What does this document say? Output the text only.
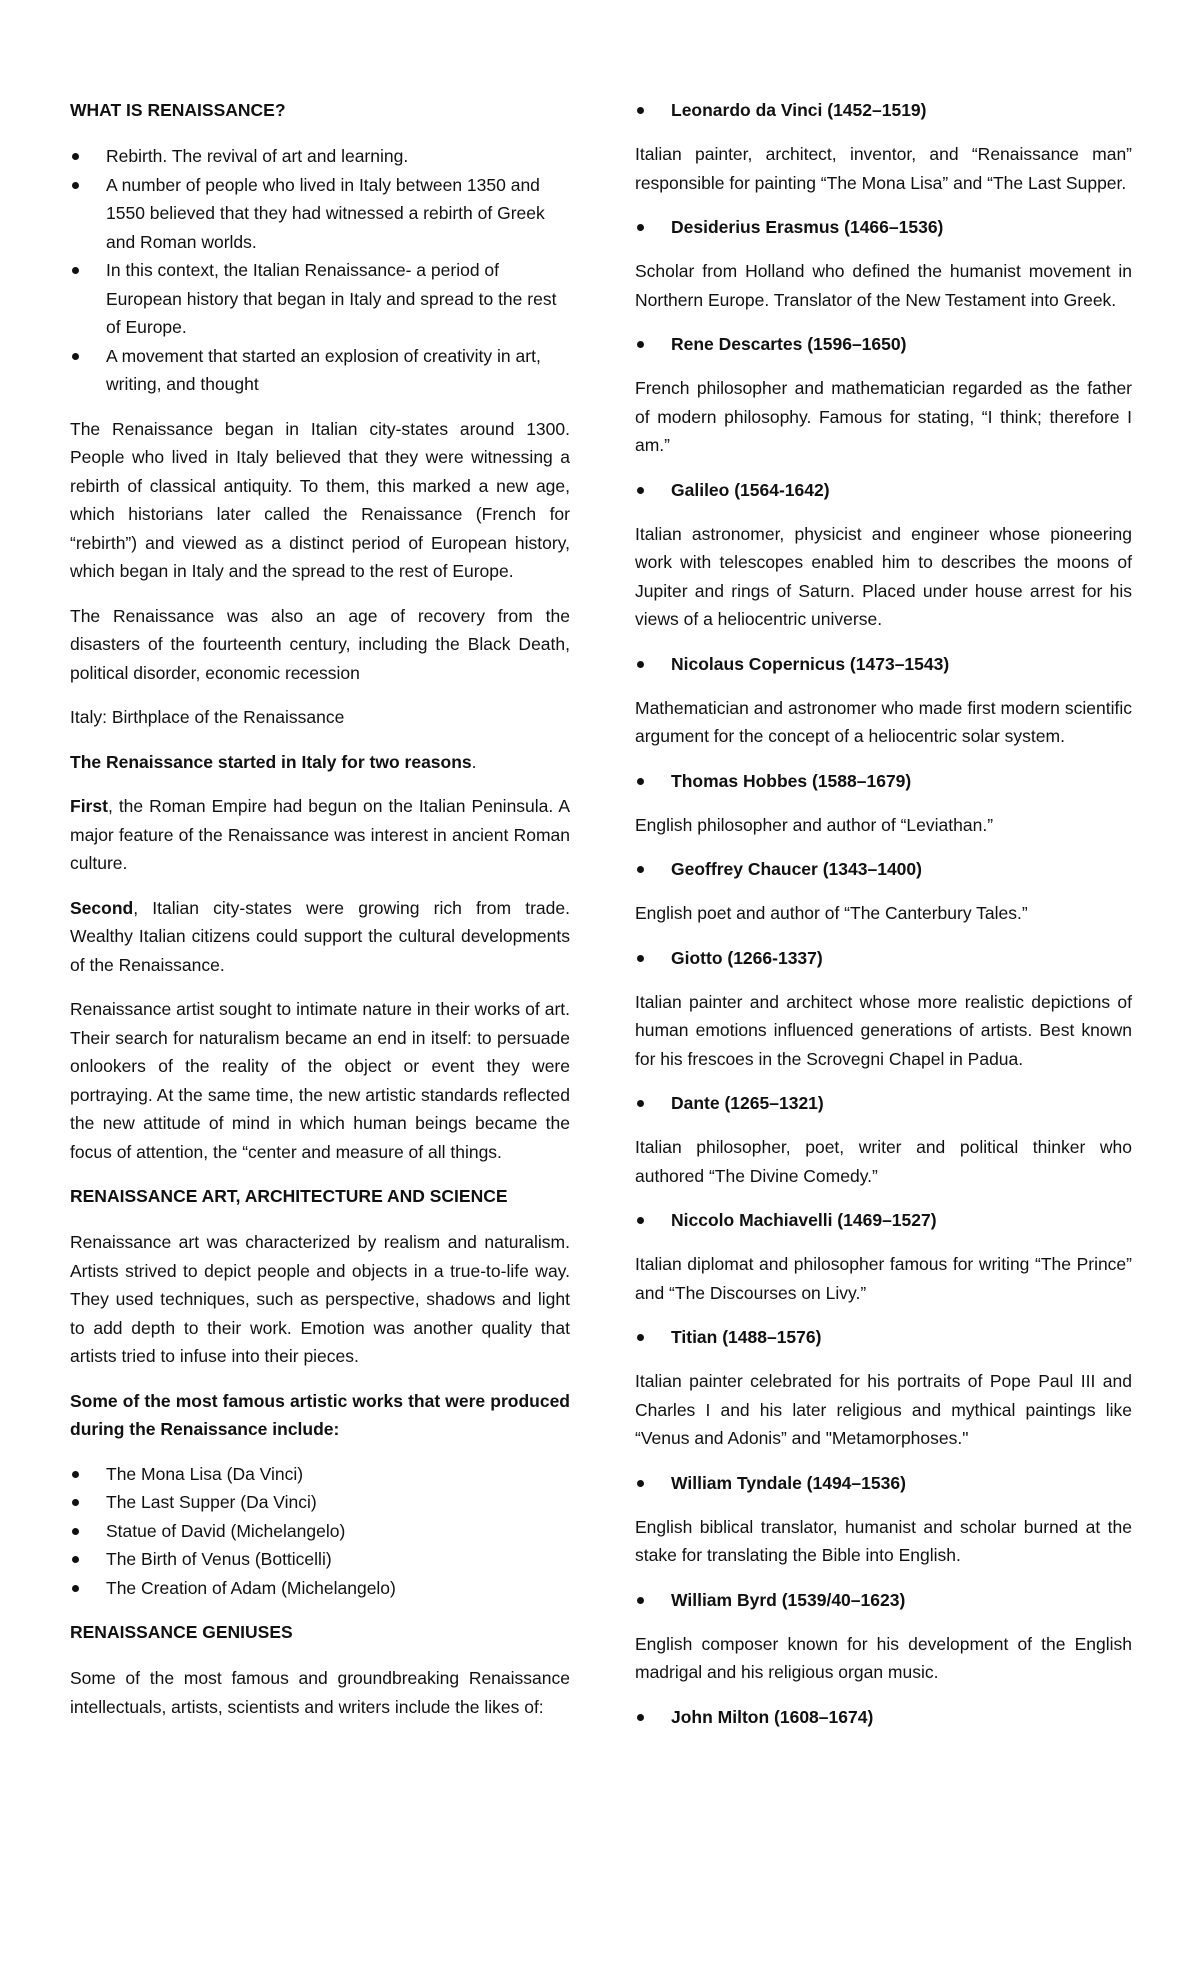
WHAT IS RENAISSANCE?
Rebirth. The revival of art and learning.
A number of people who lived in Italy between 1350 and 1550 believed that they had witnessed a rebirth of Greek and Roman worlds.
In this context, the Italian Renaissance- a period of European history that began in Italy and spread to the rest of Europe.
A movement that started an explosion of creativity in art, writing, and thought

The Renaissance began in Italian city-states around 1300. People who lived in Italy believed that they were witnessing a rebirth of classical antiquity. To them, this marked a new age, which historians later called the Renaissance (French for “rebirth”) and viewed as a distinct period of European history, which began in Italy and the spread to the rest of Europe.

The Renaissance was also an age of recovery from the disasters of the fourteenth century, including the Black Death, political disorder, economic recession

Italy: Birthplace of the Renaissance

The Renaissance started in Italy for two reasons.

First, the Roman Empire had begun on the Italian Peninsula. A major feature of the Renaissance was interest in ancient Roman culture.

Second, Italian city-states were growing rich from trade. Wealthy Italian citizens could support the cultural developments of the Renaissance.

Renaissance artist sought to intimate nature in their works of art. Their search for naturalism became an end in itself: to persuade onlookers of the reality of the object or event they were portraying. At the same time, the new artistic standards reflected the new attitude of mind in which human beings became the focus of attention, the “center and measure of all things.

RENAISSANCE ART, ARCHITECTURE AND SCIENCE

Renaissance art was characterized by realism and naturalism. Artists strived to depict people and objects in a true-to-life way. They used techniques, such as perspective, shadows and light to add depth to their work. Emotion was another quality that artists tried to infuse into their pieces.

Some of the most famous artistic works that were produced during the Renaissance include:

The Mona Lisa (Da Vinci)
The Last Supper (Da Vinci)
Statue of David (Michelangelo)
The Birth of Venus (Botticelli)
The Creation of Adam (Michelangelo)
RENAISSANCE GENIUSES

Some of the most famous and groundbreaking Renaissance intellectuals, artists, scientists and writers include the likes of:

Leonardo da Vinci (1452–1519)

Italian painter, architect, inventor, and “Renaissance man” responsible for painting “The Mona Lisa” and “The Last Supper.

Desiderius Erasmus (1466–1536)

Scholar from Holland who defined the humanist movement in Northern Europe. Translator of the New Testament into Greek.

Rene Descartes (1596–1650)

French philosopher and mathematician regarded as the father of modern philosophy. Famous for stating, “I think; therefore I am.”

Galileo (1564-1642)

Italian astronomer, physicist and engineer whose pioneering work with telescopes enabled him to describes the moons of Jupiter and rings of Saturn. Placed under house arrest for his views of a heliocentric universe.

Nicolaus Copernicus (1473–1543)

Mathematician and astronomer who made first modern scientific argument for the concept of a heliocentric solar system.

Thomas Hobbes (1588–1679)

English philosopher and author of “Leviathan.”

Geoffrey Chaucer (1343–1400)

English poet and author of “The Canterbury Tales.”

Giotto (1266-1337)

Italian painter and architect whose more realistic depictions of human emotions influenced generations of artists. Best known for his frescoes in the Scrovegni Chapel in Padua.

Dante (1265–1321)

Italian philosopher, poet, writer and political thinker who authored “The Divine Comedy.”

Niccolo Machiavelli (1469–1527)

Italian diplomat and philosopher famous for writing “The Prince” and “The Discourses on Livy.”

Titian (1488–1576)

Italian painter celebrated for his portraits of Pope Paul III and Charles I and his later religious and mythical paintings like “Venus and Adonis” and "Metamorphoses."

William Tyndale (1494–1536)

English biblical translator, humanist and scholar burned at the stake for translating the Bible into English.

William Byrd (1539/40–1623)

English composer known for his development of the English madrigal and his religious organ music.

John Milton (1608–1674)
